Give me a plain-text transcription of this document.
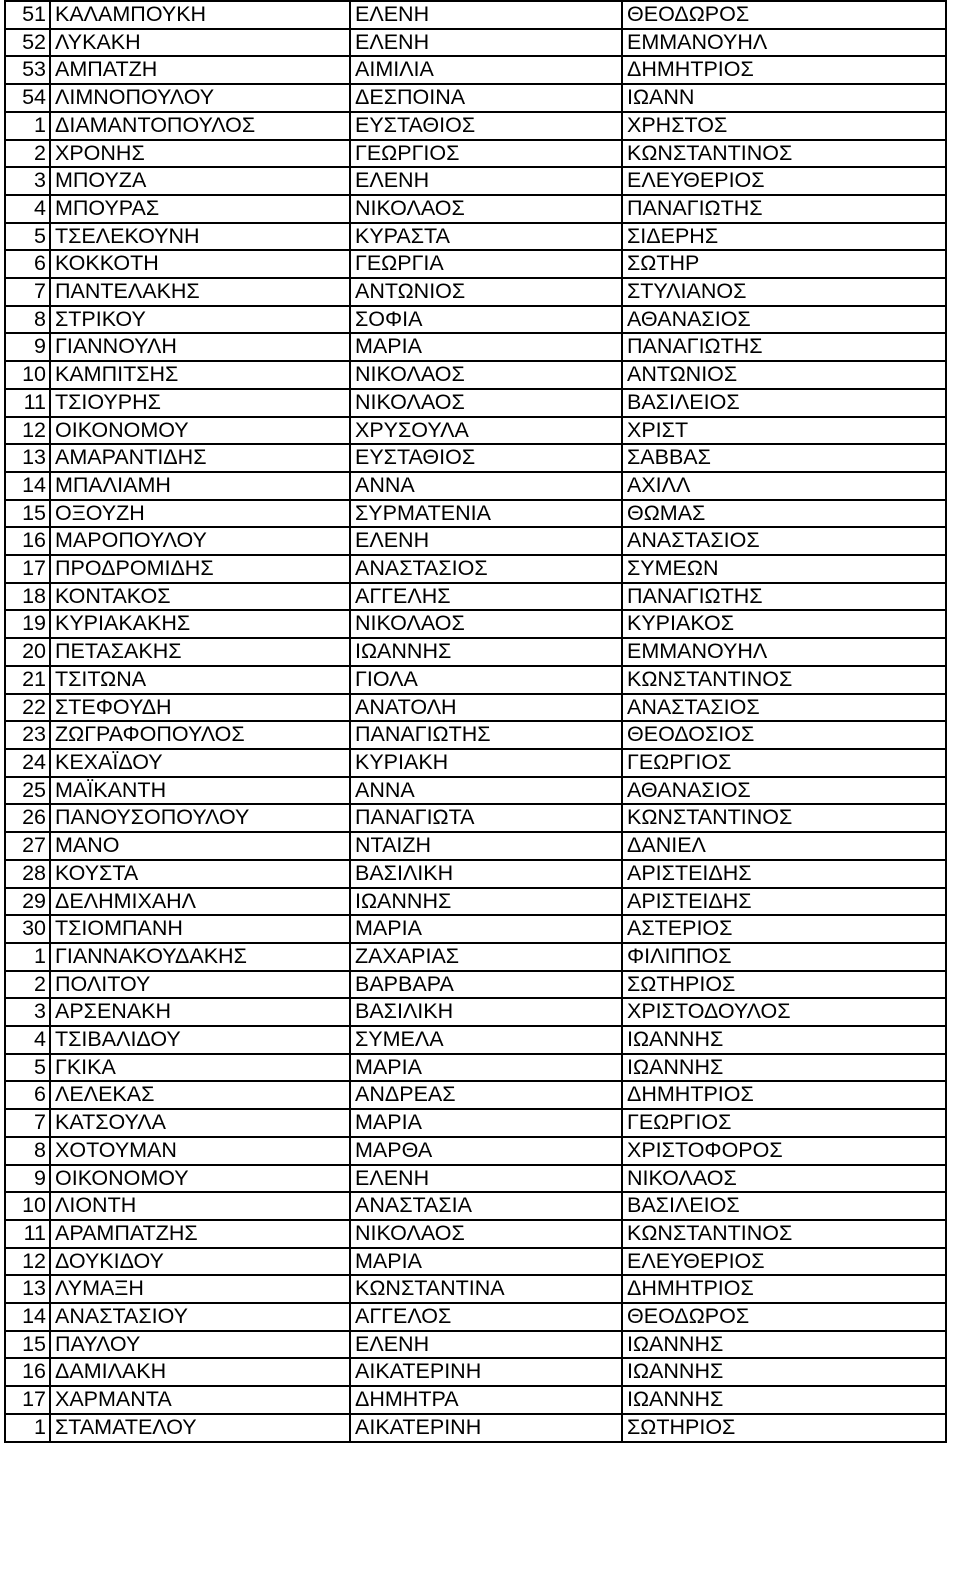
51	ΚΑΛΑΜΠΟΥΚΗ	ΕΛΕΝΗ	ΘΕΟΔΩΡΟΣ
52	ΛΥΚΑΚΗ	ΕΛΕΝΗ	ΕΜΜΑΝΟΥΗΛ
53	ΑΜΠΑΤΖΗ	ΑΙΜΙΛΙΑ	ΔΗΜΗΤΡΙΟΣ
54	ΛΙΜΝΟΠΟΥΛΟΥ	ΔΕΣΠΟΙΝΑ	ΙΩΑΝΝ
1	ΔΙΑΜΑΝΤΟΠΟΥΛΟΣ	ΕΥΣΤΑΘΙΟΣ	ΧΡΗΣΤΟΣ
2	ΧΡΟΝΗΣ	ΓΕΩΡΓΙΟΣ	ΚΩΝΣΤΑΝΤΙΝΟΣ
3	ΜΠΟΥΖΑ	ΕΛΕΝΗ	ΕΛΕΥΘΕΡΙΟΣ
4	ΜΠΟΥΡΑΣ	ΝΙΚΟΛΑΟΣ	ΠΑΝΑΓΙΩΤΗΣ
5	ΤΣΕΛΕΚΟΥΝΗ	ΚΥΡΑΣΤΑ	ΣΙΔΕΡΗΣ
6	ΚΟΚΚΟΤΗ	ΓΕΩΡΓΙΑ	ΣΩΤΗΡ
7	ΠΑΝΤΕΛΑΚΗΣ	ΑΝΤΩΝΙΟΣ	ΣΤΥΛΙΑΝΟΣ
8	ΣΤΡΙΚΟΥ	ΣΟΦΙΑ	ΑΘΑΝΑΣΙΟΣ
9	ΓΙΑΝΝΟΥΛΗ	ΜΑΡΙΑ	ΠΑΝΑΓΙΩΤΗΣ
10	ΚΑΜΠΙΤΣΗΣ	ΝΙΚΟΛΑΟΣ	ΑΝΤΩΝΙΟΣ
11	ΤΣΙΟΥΡΗΣ	ΝΙΚΟΛΑΟΣ	ΒΑΣΙΛΕΙΟΣ
12	ΟΙΚΟΝΟΜΟΥ	ΧΡΥΣΟΥΛΑ	ΧΡΙΣΤ
13	ΑΜΑΡΑΝΤΙΔΗΣ	ΕΥΣΤΑΘΙΟΣ	ΣΑΒΒΑΣ
14	ΜΠΑΛΙΑΜΗ	ΑΝΝΑ	ΑΧΙΛΛ
15	ΟΞΟΥΖΗ	ΣΥΡΜΑΤΕΝΙΑ	ΘΩΜΑΣ
16	ΜΑΡΟΠΟΥΛΟΥ	ΕΛΕΝΗ	ΑΝΑΣΤΑΣΙΟΣ
17	ΠΡΟΔΡΟΜΙΔΗΣ	ΑΝΑΣΤΑΣΙΟΣ	ΣΥΜΕΩΝ
18	ΚΟΝΤΑΚΟΣ	ΑΓΓΕΛΗΣ	ΠΑΝΑΓΙΩΤΗΣ
19	ΚΥΡΙΑΚΑΚΗΣ	ΝΙΚΟΛΑΟΣ	ΚΥΡΙΑΚΟΣ
20	ΠΕΤΑΣΑΚΗΣ	ΙΩΑΝΝΗΣ	ΕΜΜΑΝΟΥΗΛ
21	ΤΣΙΤΩΝΑ	ΓΙΟΛΑ	ΚΩΝΣΤΑΝΤΙΝΟΣ
22	ΣΤΕΦΟΥΔΗ	ΑΝΑΤΟΛΗ	ΑΝΑΣΤΑΣΙΟΣ
23	ΖΩΓΡΑΦΟΠΟΥΛΟΣ	ΠΑΝΑΓΙΩΤΗΣ	ΘΕΟΔΟΣΙΟΣ
24	ΚΕΧΑΪΔΟΥ	ΚΥΡΙΑΚΗ	ΓΕΩΡΓΙΟΣ
25	ΜΑΪΚΑΝΤΗ	ΑΝΝΑ	ΑΘΑΝΑΣΙΟΣ
26	ΠΑΝΟΥΣΟΠΟΥΛΟΥ	ΠΑΝΑΓΙΩΤΑ	ΚΩΝΣΤΑΝΤΙΝΟΣ
27	ΜΑΝΟ	ΝΤΑΙΖΗ	ΔΑΝΙΕΛ
28	ΚΟΥΣΤΑ	ΒΑΣΙΛΙΚΗ	ΑΡΙΣΤΕΙΔΗΣ
29	ΔΕΛΗΜΙΧΑΗΛ	ΙΩΑΝΝΗΣ	ΑΡΙΣΤΕΙΔΗΣ
30	ΤΣΙΟΜΠΑΝΗ	ΜΑΡΙΑ	ΑΣΤΕΡΙΟΣ
1	ΓΙΑΝΝΑΚΟΥΔΑΚΗΣ	ΖΑΧΑΡΙΑΣ	ΦΙΛΙΠΠΟΣ
2	ΠΟΛΙΤΟΥ	ΒΑΡΒΑΡΑ	ΣΩΤΗΡΙΟΣ
3	ΑΡΣΕΝΑΚΗ	ΒΑΣΙΛΙΚΗ	ΧΡΙΣΤΟΔΟΥΛΟΣ
4	ΤΣΙΒΑΛΙΔΟΥ	ΣΥΜΕΛΑ	ΙΩΑΝΝΗΣ
5	ΓΚΙΚΑ	ΜΑΡΙΑ	ΙΩΑΝΝΗΣ
6	ΛΕΛΕΚΑΣ	ΑΝΔΡΕΑΣ	ΔΗΜΗΤΡΙΟΣ
7	ΚΑΤΣΟΥΛΑ	ΜΑΡΙΑ	ΓΕΩΡΓΙΟΣ
8	ΧΟΤΟΥΜΑΝ	ΜΑΡΘΑ	ΧΡΙΣΤΟΦΟΡΟΣ
9	ΟΙΚΟΝΟΜΟΥ	ΕΛΕΝΗ	ΝΙΚΟΛΑΟΣ
10	ΛΙΟΝΤΗ	ΑΝΑΣΤΑΣΙΑ	ΒΑΣΙΛΕΙΟΣ
11	ΑΡΑΜΠΑΤΖΗΣ	ΝΙΚΟΛΑΟΣ	ΚΩΝΣΤΑΝΤΙΝΟΣ
12	ΔΟΥΚΙΔΟΥ	ΜΑΡΙΑ	ΕΛΕΥΘΕΡΙΟΣ
13	ΛΥΜΑΞΗ	ΚΩΝΣΤΑΝΤΙΝΑ	ΔΗΜΗΤΡΙΟΣ
14	ΑΝΑΣΤΑΣΙΟΥ	ΑΓΓΕΛΟΣ	ΘΕΟΔΩΡΟΣ
15	ΠΑΥΛΟΥ	ΕΛΕΝΗ	ΙΩΑΝΝΗΣ
16	ΔΑΜΙΛΑΚΗ	ΑΙΚΑΤΕΡΙΝΗ	ΙΩΑΝΝΗΣ
17	ΧΑΡΜΑΝΤΑ	ΔΗΜΗΤΡΑ	ΙΩΑΝΝΗΣ
1	ΣΤΑΜΑΤΕΛΟΥ	ΑΙΚΑΤΕΡΙΝΗ	ΣΩΤΗΡΙΟΣ
